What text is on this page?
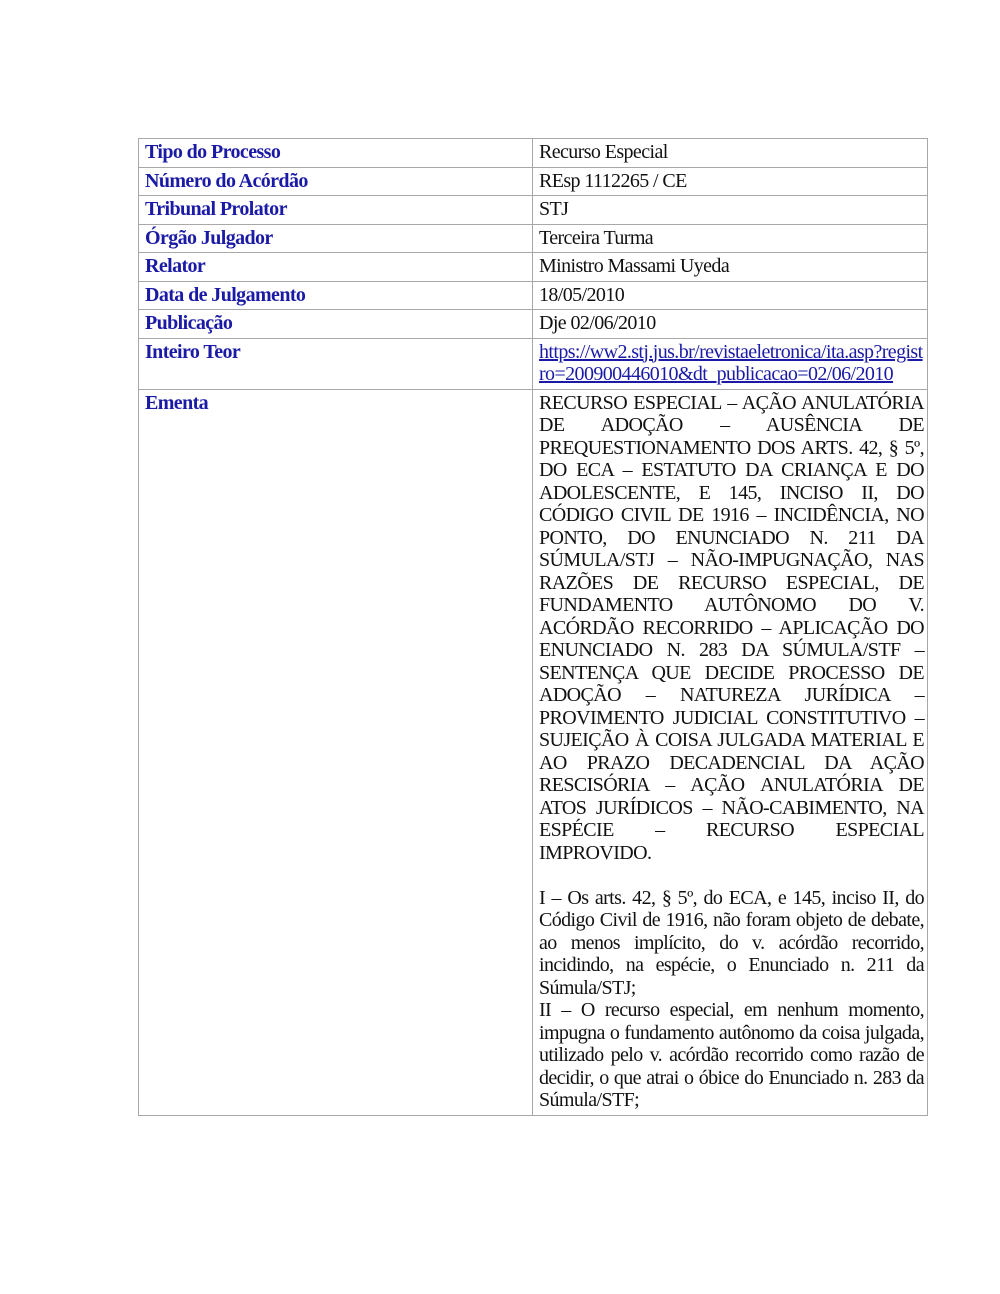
Tipo do Processo	Recurso Especial
Número do Acórdão	REsp 1112265 / CE
Tribunal Prolator	STJ
Órgão Julgador	Terceira Turma
Relator	Ministro Massami Uyeda
Data de Julgamento	18/05/2010
Publicação	Dje 02/06/2010
Inteiro Teor	https://ww2.stj.jus.br/revistaeletronica/ita.asp?registro=200900446010&dt_publicacao=02/06/2010
Ementa	RECURSO ESPECIAL – AÇÃO ANULATÓRIA DE ADOÇÃO – AUSÊNCIA DE PREQUESTIONAMENTO DOS ARTS. 42, § 5º, DO ECA – ESTATUTO DA CRIANÇA E DO ADOLESCENTE, E 145, INCISO II, DO CÓDIGO CIVIL DE 1916 – INCIDÊNCIA, NO PONTO, DO ENUNCIADO N. 211 DA SÚMULA/STJ – NÃO-IMPUGNAÇÃO, NAS RAZÕES DE RECURSO ESPECIAL, DE FUNDAMENTO AUTÔNOMO DO V. ACÓRDÃO RECORRIDO – APLICAÇÃO DO ENUNCIADO N. 283 DA SÚMULA/STF – SENTENÇA QUE DECIDE PROCESSO DE ADOÇÃO – NATUREZA JURÍDICA – PROVIMENTO JUDICIAL CONSTITUTIVO – SUJEIÇÃO À COISA JULGADA MATERIAL E AO PRAZO DECADENCIAL DA AÇÃO RESCISÓRIA – AÇÃO ANULATÓRIA DE ATOS JURÍDICOS – NÃO-CABIMENTO, NA ESPÉCIE – RECURSO ESPECIAL IMPROVIDO.

I – Os arts. 42, § 5º, do ECA, e 145, inciso II, do Código Civil de 1916, não foram objeto de debate, ao menos implícito, do v. acórdão recorrido, incidindo, na espécie, o Enunciado n. 211 da Súmula/STJ;

II – O recurso especial, em nenhum momento, impugna o fundamento autônomo da coisa julgada, utilizado pelo v. acórdão recorrido como razão de decidir, o que atrai o óbice do Enunciado n. 283 da Súmula/STF;
